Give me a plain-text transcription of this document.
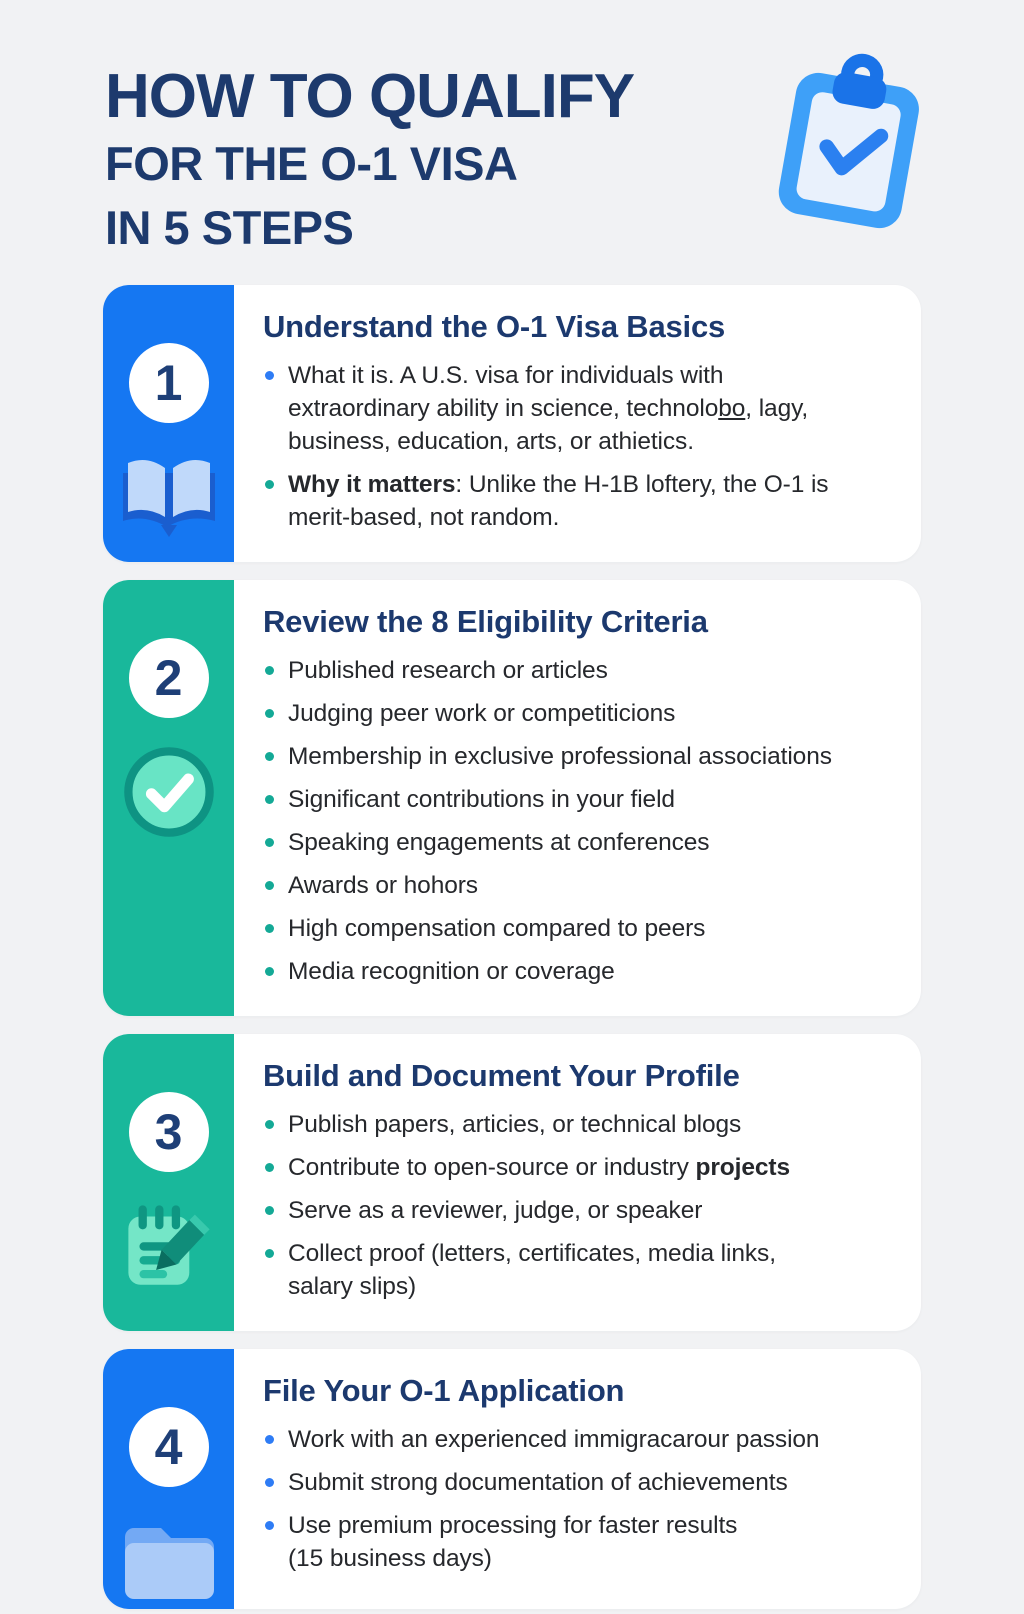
HOW TO QUALIFY
FOR THE O-1 VISA
IN 5 STEPS
1
Understand the O-1 Visa Basics
What it is. A U.S. visa for individuals with
extraordinary ability in science, technolobo, lagy,
business, education, arts, or athietics.
Why it matters: Unlike the H-1B loftery, the O-1 is
merit-based, not random.
2
Review the 8 Eligibility Criteria
Published research or articles
Judging peer work or competiticions
Membership in exclusive professional associations
Significant contributions in your field
Speaking engagements at conferences
Awards or hohors
High compensation compared to peers
Media recognition or coverage
3
Build and Document Your Profile
Publish papers, articies, or technical blogs
Contribute to open-source or industry projects
Serve as a reviewer, judge, or speaker
Collect proof (letters, certificates, media links,
salary slips)
4
File Your O-1 Application
Work with an experienced immigracarour passion
Submit strong documentation of achievements
Use premium processing for faster results
(15 business days)
